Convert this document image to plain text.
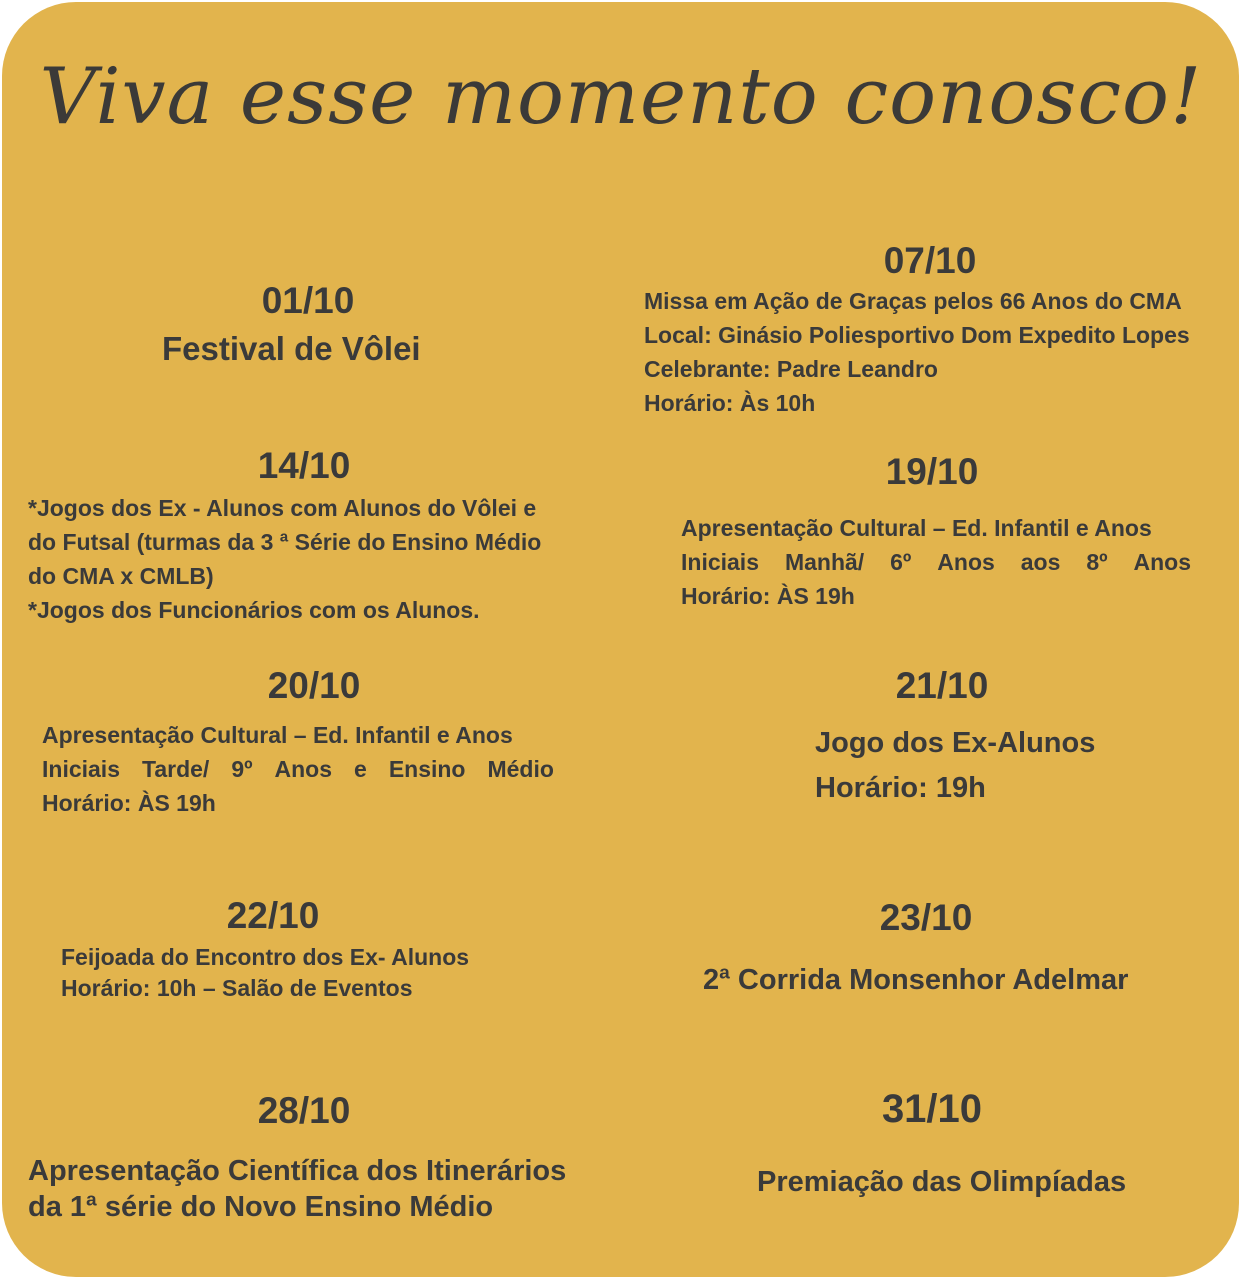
Viva esse momento conosco!
01/10
Festival de Vôlei
07/10
Missa em Ação de Graças pelos 66 Anos do CMA
Local: Ginásio Poliesportivo Dom Expedito Lopes
Celebrante: Padre Leandro
Horário: Às 10h
14/10
*Jogos dos Ex - Alunos com Alunos do Vôlei e
do Futsal (turmas da 3 ª Série do Ensino Médio
do CMA x CMLB)
*Jogos dos Funcionários com os Alunos.
19/10
Apresentação Cultural – Ed. Infantil e Anos
Iniciais Manhã/ 6º Anos aos 8º Anos
Horário: ÀS 19h
20/10
Apresentação Cultural – Ed. Infantil e Anos
Iniciais Tarde/ 9º Anos e Ensino Médio
Horário: ÀS 19h
21/10
Jogo dos Ex-Alunos
Horário: 19h
22/10
Feijoada do Encontro dos Ex- Alunos
Horário: 10h – Salão de Eventos
23/10
2ª Corrida Monsenhor Adelmar
28/10
Apresentação Científica dos Itinerários
da 1ª série do Novo Ensino Médio
31/10
Premiação das Olimpíadas
